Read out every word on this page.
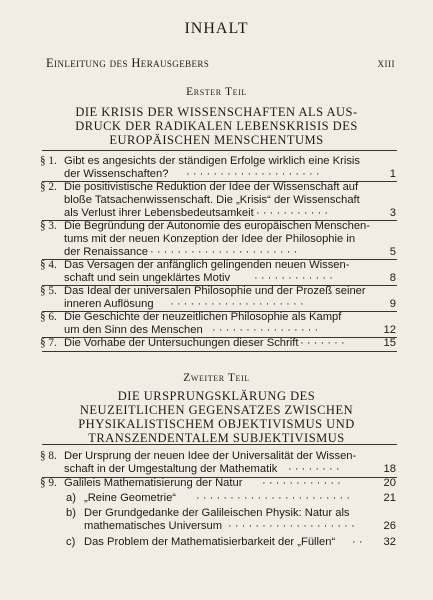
INHALT
Einleitung des Herausgebers	xiii
Erster Teil
DIE KRISIS DER WISSENSCHAFTEN ALS AUS-
DRUCK DER RADIKALEN LEBENSKRISIS DES
EUROPÄISCHEN MENSCHENTUMS
§ 1. Gibt es angesichts der ständigen Erfolge wirklich eine Krisis
der Wissenschaften? · · · · · · · · · · · · · · · · · · · ·	1
§ 2. Die positivistische Reduktion der Idee der Wissenschaft auf
bloße Tatsachenwissenschaft. Die „Krisis“ der Wissenschaft
als Verlust ihrer Lebensbedeutsamkeit · · · · · · · · · · ·	3
§ 3. Die Begründung der Autonomie des europäischen Menschen-
tums mit der neuen Konzeption der Idee der Philosophie in
der Renaissance · · · · · · · · · · · · · · · · · · · · · ·	5
§ 4. Das Versagen der anfänglich gelingenden neuen Wissen-
schaft und sein ungeklärtes Motiv · · · · · · · · · · · ·	8
§ 5. Das Ideal der universalen Philosophie und der Prozeß seiner
inneren Auflösung · · · · · · · · · · · · · · · · · · · ·	9
§ 6. Die Geschichte der neuzeitlichen Philosophie als Kampf
um den Sinn des Menschen · · · · · · · · · · · · · · · ·	12
§ 7. Die Vorhabe der Untersuchungen dieser Schrift · · · · · · ·	15
Zweiter Teil
DIE URSPRUNGSKLÄRUNG DES
NEUZEITLICHEN GEGENSATZES ZWISCHEN
PHYSIKALISTISCHEM OBJEKTIVISMUS UND
TRANSZENDENTALEM SUBJEKTIVISMUS
§ 8. Der Ursprung der neuen Idee der Universalität der Wissen-
schaft in der Umgestaltung der Mathematik · · · · · · · ·	18
§ 9. Galileis Mathematisierung der Natur · · · · · · · · · · · ·	20
a) „Reine Geometrie“ · · · · · · · · · · · · · · · · · · · · · · ·	21
b) Der Grundgedanke der Galileischen Physik: Natur als
mathematisches Universum · · · · · · · · · · · · · · · · · · ·	26
c) Das Problem der Mathematisierbarkeit der „Füllen“ · ·	32
